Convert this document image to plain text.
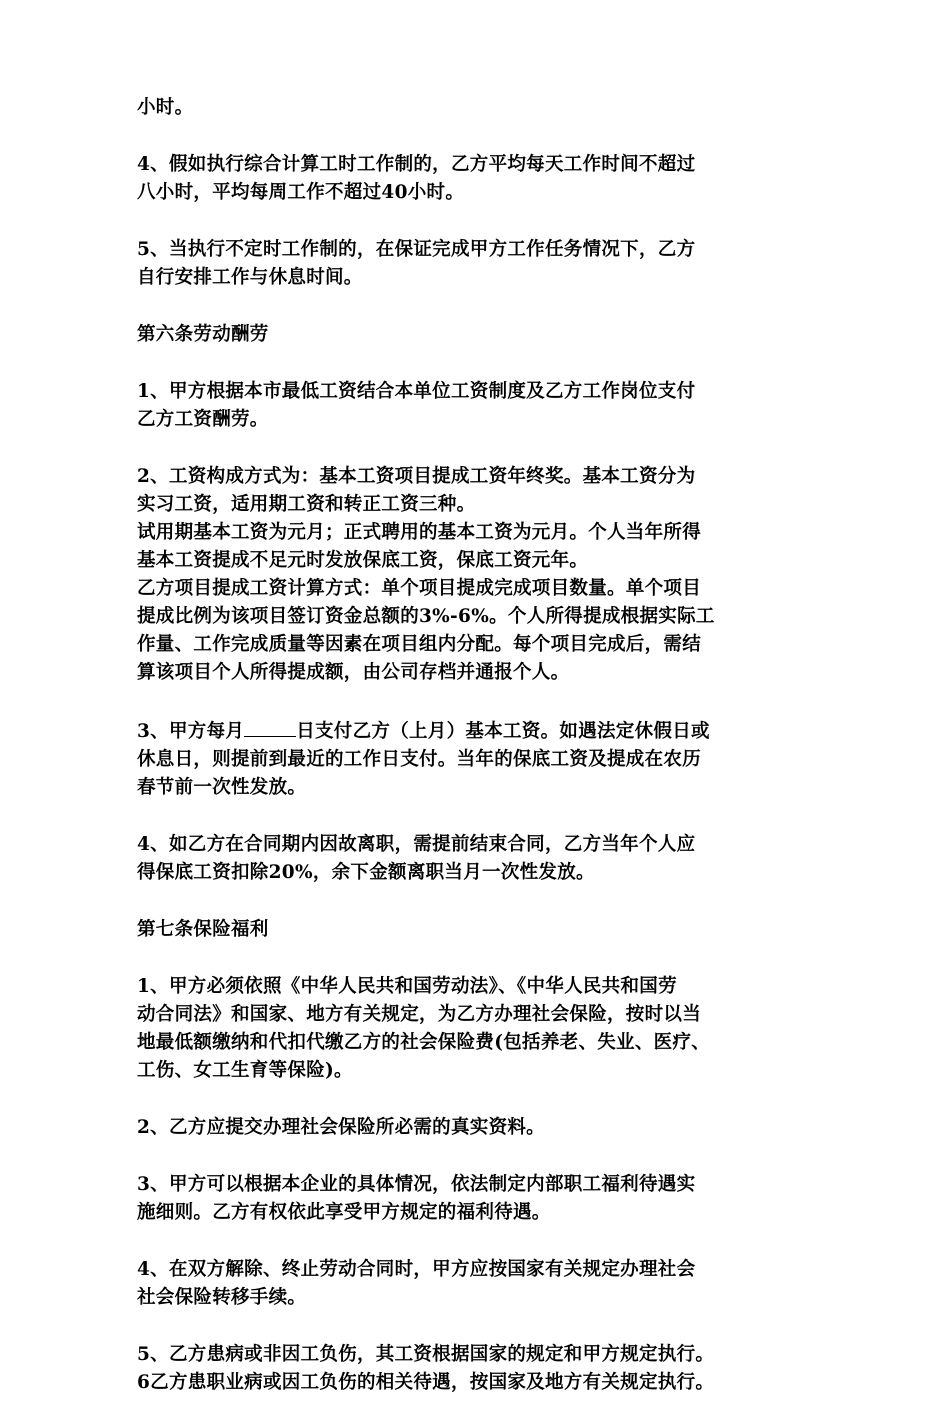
小时。

4、假如执行综合计算工时工作制的，乙方平均每天工作时间不超过
八小时，平均每周工作不超过40小时。

5、当执行不定时工作制的，在保证完成甲方工作任务情况下，乙方
自行安排工作与休息时间。

第六条劳动酬劳

1、甲方根据本市最低工资结合本单位工资制度及乙方工作岗位支付
乙方工资酬劳。

2、工资构成方式为：基本工资项目提成工资年终奖。基本工资分为
实习工资，适用期工资和转正工资三种。
试用期基本工资为元月；正式聘用的基本工资为元月。个人当年所得
基本工资提成不足元时发放保底工资，保底工资元年。
乙方项目提成工资计算方式：单个项目提成完成项目数量。单个项目
提成比例为该项目签订资金总额的3%-6%。个人所得提成根据实际工
作量、工作完成质量等因素在项目组内分配。每个项目完成后，需结
算该项目个人所得提成额，由公司存档并通报个人。

3、甲方每月	日支付乙方（上月）基本工资。如遇法定休假日或
休息日，则提前到最近的工作日支付。当年的保底工资及提成在农历
春节前一次性发放。

4、如乙方在合同期内因故离职，需提前结束合同，乙方当年个人应
得保底工资扣除20%，余下金额离职当月一次性发放。

第七条保险福利

1、甲方必须依照《中华人民共和国劳动法》、《中华人民共和国劳
动合同法》和国家、地方有关规定，为乙方办理社会保险，按时以当
地最低额缴纳和代扣代缴乙方的社会保险费(包括养老、失业、医疗、
工伤、女工生育等保险)。

2、乙方应提交办理社会保险所必需的真实资料。

3、甲方可以根据本企业的具体情况，依法制定内部职工福利待遇实
施细则。乙方有权依此享受甲方规定的福利待遇。

4、在双方解除、终止劳动合同时，甲方应按国家有关规定办理社会
社会保险转移手续。

5、乙方患病或非因工负伤，其工资根据国家的规定和甲方规定执行。
6乙方患职业病或因工负伤的相关待遇，按国家及地方有关规定执行。
